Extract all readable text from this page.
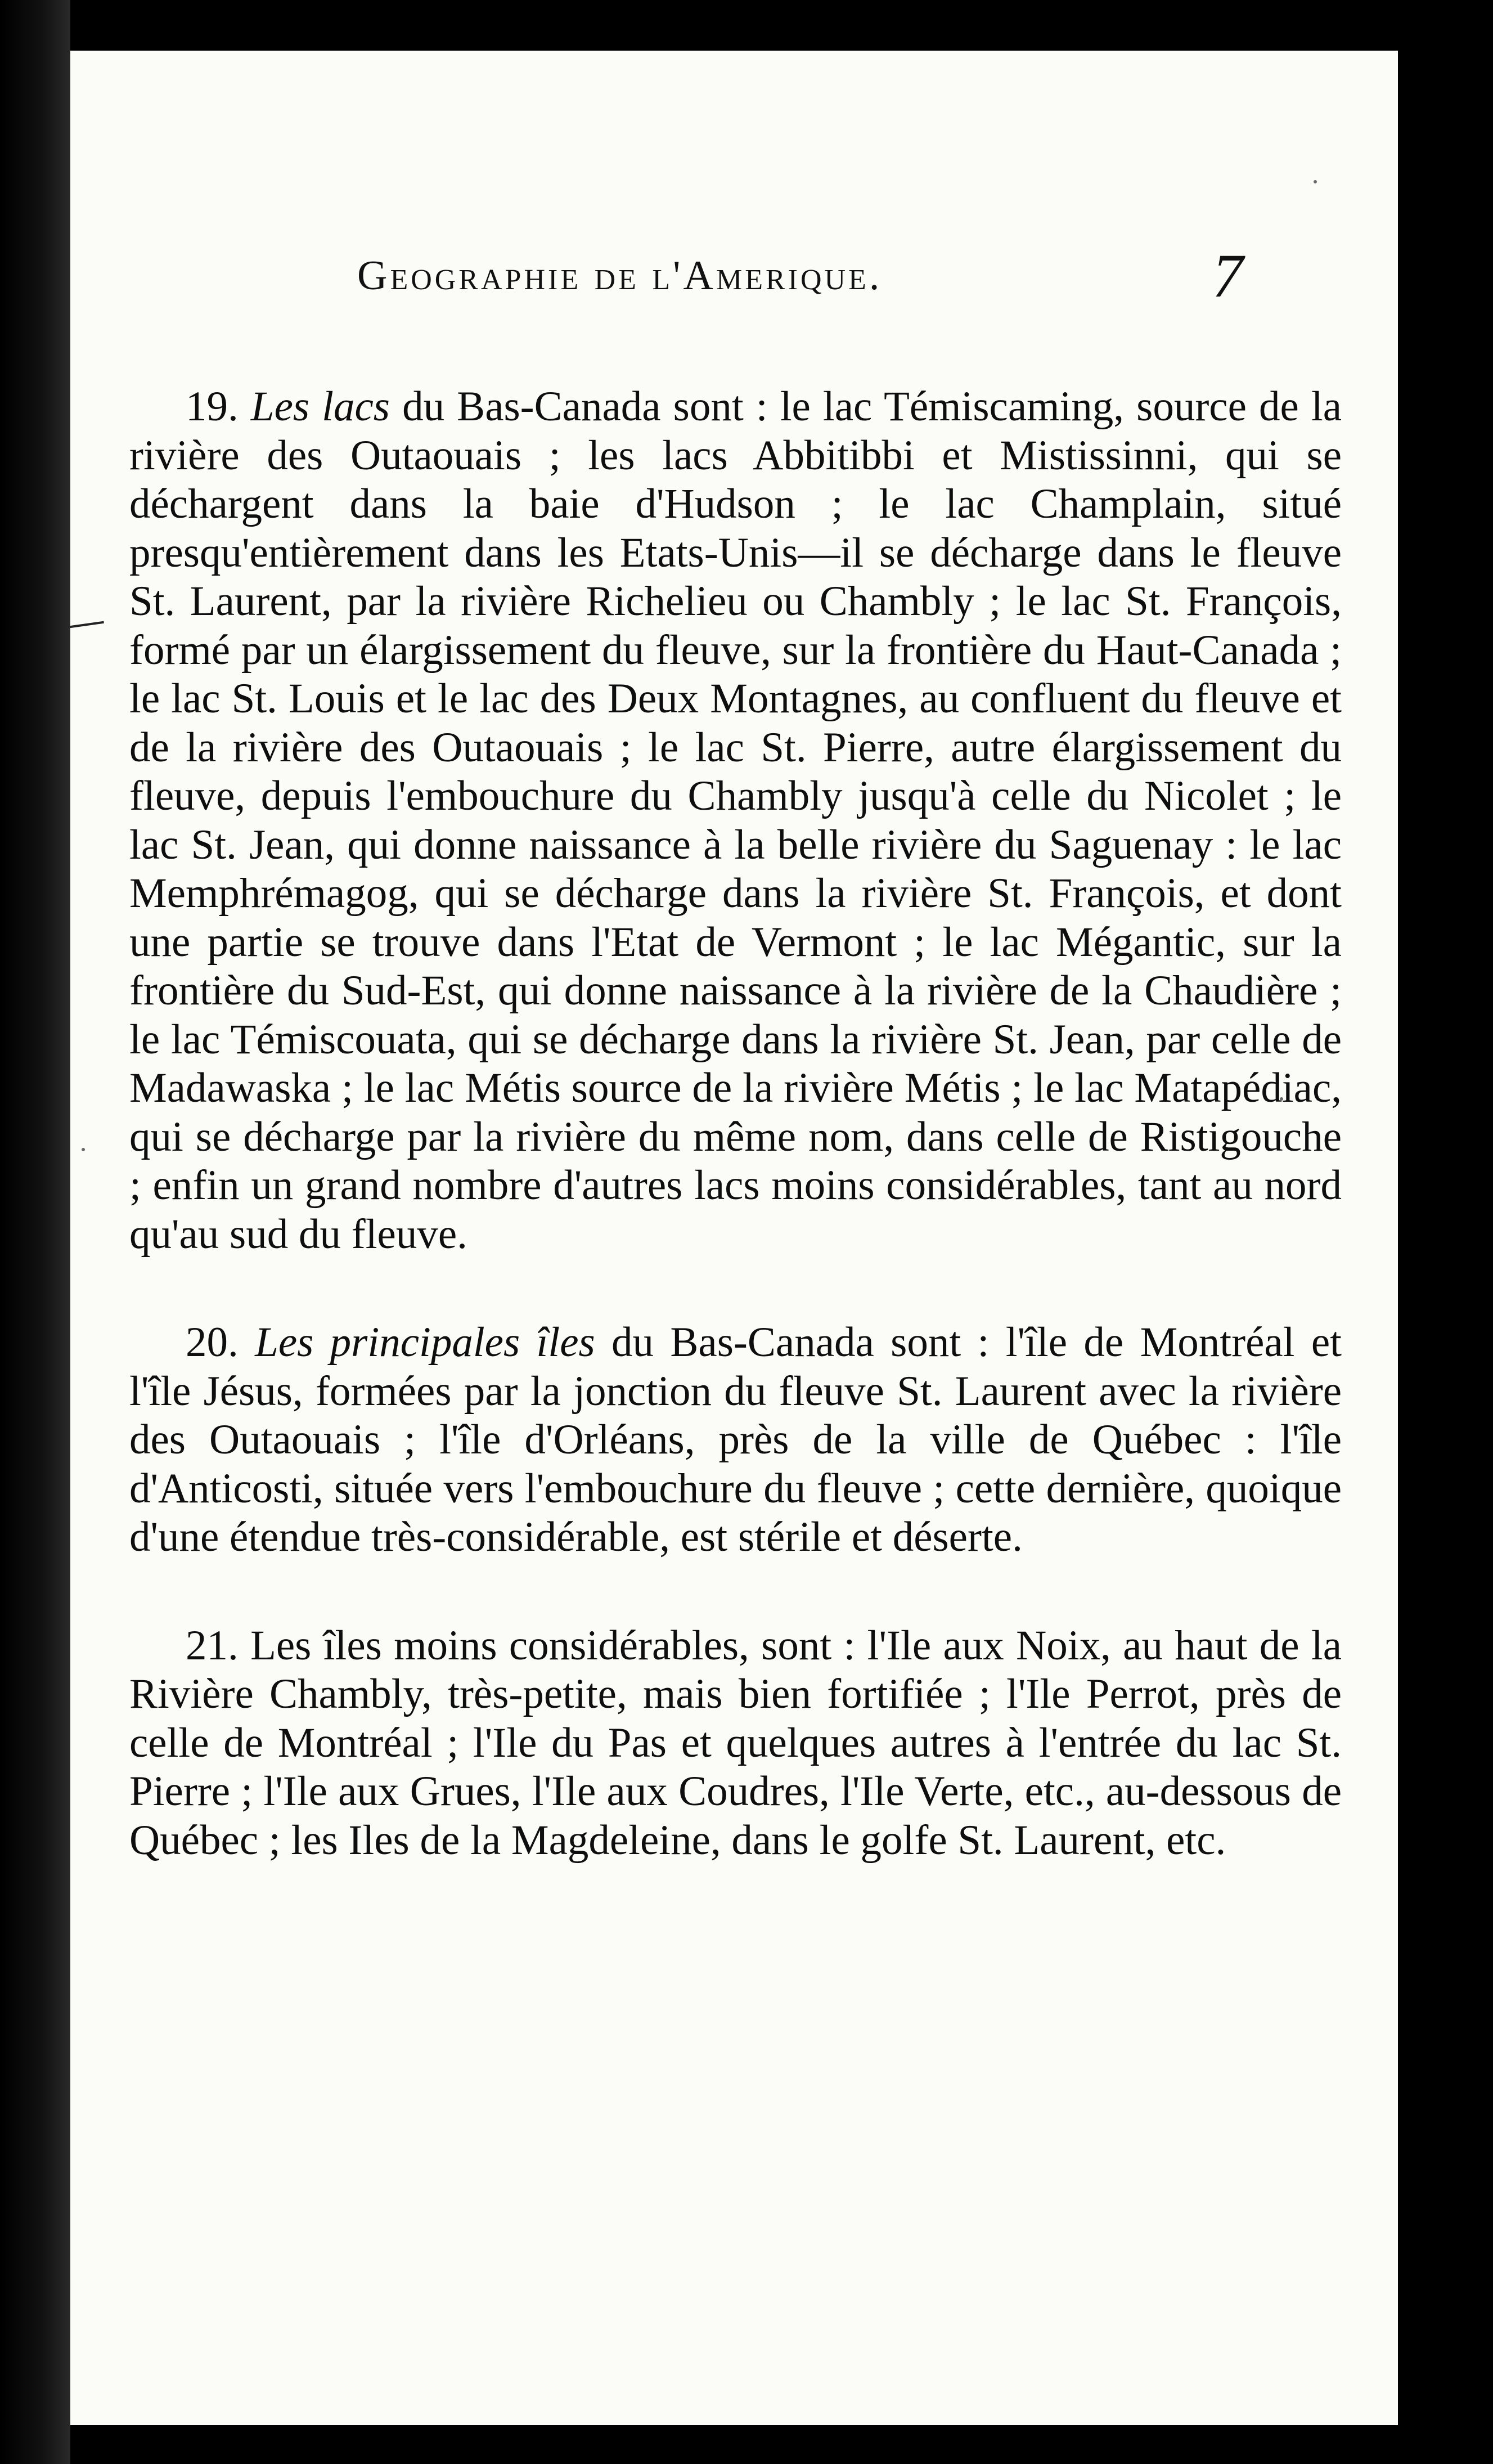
Geographie de l'Amerique.	7

19. Les lacs du Bas-Canada sont : le lac Témiscaming, source de la rivière des Outaouais ; les lacs Abbitibbi et Mistissinni, qui se déchargent dans la baie d'Hudson ; le lac Champlain, situé presqu'entièrement dans les Etats-Unis—il se décharge dans le fleuve St. Laurent, par la rivière Richelieu ou Chambly ; le lac St. François, formé par un élargissement du fleuve, sur la frontière du Haut-Canada ; le lac St. Louis et le lac des Deux Montagnes, au confluent du fleuve et de la rivière des Outaouais ; le lac St. Pierre, autre élargissement du fleuve, depuis l'embouchure du Chambly jusqu'à celle du Nicolet ; le lac St. Jean, qui donne naissance à la belle rivière du Saguenay : le lac Memphrémagog, qui se décharge dans la rivière St. François, et dont une partie se trouve dans l'Etat de Vermont ; le lac Mégantic, sur la frontière du Sud-Est, qui donne naissance à la rivière de la Chaudière ; le lac Témiscouata, qui se décharge dans la rivière St. Jean, par celle de Madawaska ; le lac Métis source de la rivière Métis ; le lac Matapédiac, qui se décharge par la rivière du même nom, dans celle de Ristigouche ; enfin un grand nombre d'autres lacs moins considérables, tant au nord qu'au sud du fleuve.

20. Les principales îles du Bas-Canada sont : l'île de Montréal et l'île Jésus, formées par la jonction du fleuve St. Laurent avec la rivière des Outaouais ; l'île d'Orléans, près de la ville de Québec : l'île d'Anticosti, située vers l'embouchure du fleuve ; cette dernière, quoique d'une étendue très-considérable, est stérile et déserte.

21. Les îles moins considérables, sont : l'Ile aux Noix, au haut de la Rivière Chambly, très-petite, mais bien fortifiée ; l'Ile Perrot, près de celle de Montréal ; l'Ile du Pas et quelques autres à l'entrée du lac St. Pierre ; l'Ile aux Grues, l'Ile aux Coudres, l'Ile Verte, etc., au-dessous de Québec ; les Iles de la Magdeleine, dans le golfe St. Laurent, etc.
